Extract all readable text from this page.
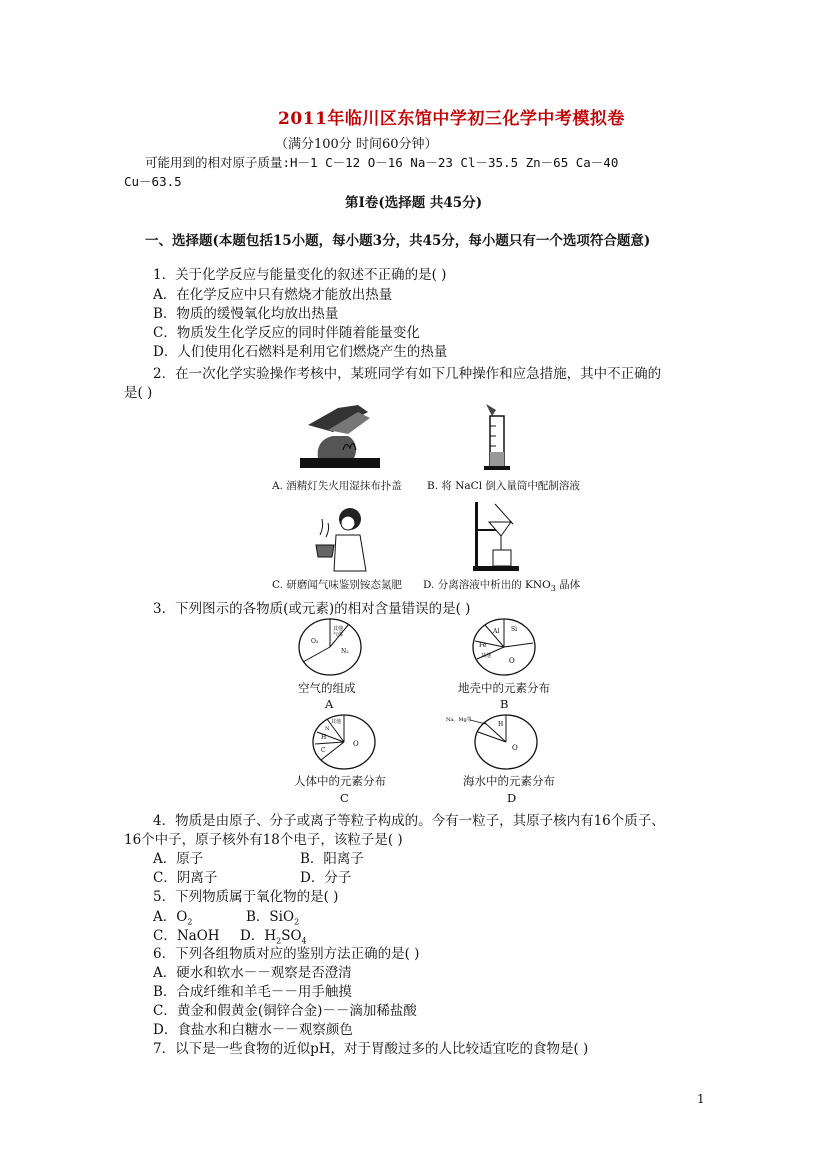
2011年临川区东馆中学初三化学中考模拟卷
（满分100分 时间60分钟）
可能用到的相对原子质量:H－1 C－12 O－16 Na－23 Cl－35.5 Zn－65 Ca－40
Cu－63.5
第Ⅰ卷(选择题 共45分)
一、选择题(本题包括15小题，每小题3分，共45分，每小题只有一个选项符合题意)
1．关于化学反应与能量变化的叙述不正确的是( )
A．在化学反应中只有燃烧才能放出热量
B．物质的缓慢氧化均放出热量
C．物质发生化学反应的同时伴随着能量变化
D．人们使用化石燃料是利用它们燃烧产生的热量
2．在一次化学实验操作考核中，某班同学有如下几种操作和应急措施，其中不正确的
是( )
A. 酒精灯失火用湿抹布扑盖 B. 将 NaCl 倒入量筒中配制溶液
C. 研磨闻气味鉴别铵态氮肥 D. 分离溶液中析出的 $KNO_3$ 晶体
3．下列图示的各物质(或元素)的相对含量错误的是( )
O₂
N₂
其他
气体
空气的组成
A
Al Si
Fe
其他
O
地壳中的元素分布
B
其他
N
H
C
O
人体中的元素分布
C
Na、Mg等
H
O
海水中的元素分布
D
4．物质是由原子、分子或离子等粒子构成的。今有一粒子，其原子核内有16个质子、
16个中子，原子核外有18个电子，该粒子是( )
A．原子	B．阳离子
C．阴离子	D．分子
5．下列物质属于氧化物的是( )
A．$O_2$	B．SiO$_2$
C．NaOH D．$H_2SO_4$
6．下列各组物质对应的鉴别方法正确的是( )
A．硬水和软水－－观察是否澄清
B．合成纤维和羊毛－－用手触摸
C．黄金和假黄金(铜锌合金)－－滴加稀盐酸
D．食盐水和白糖水－－观察颜色
7．以下是一些食物的近似pH，对于胃酸过多的人比较适宜吃的食物是( )
1
